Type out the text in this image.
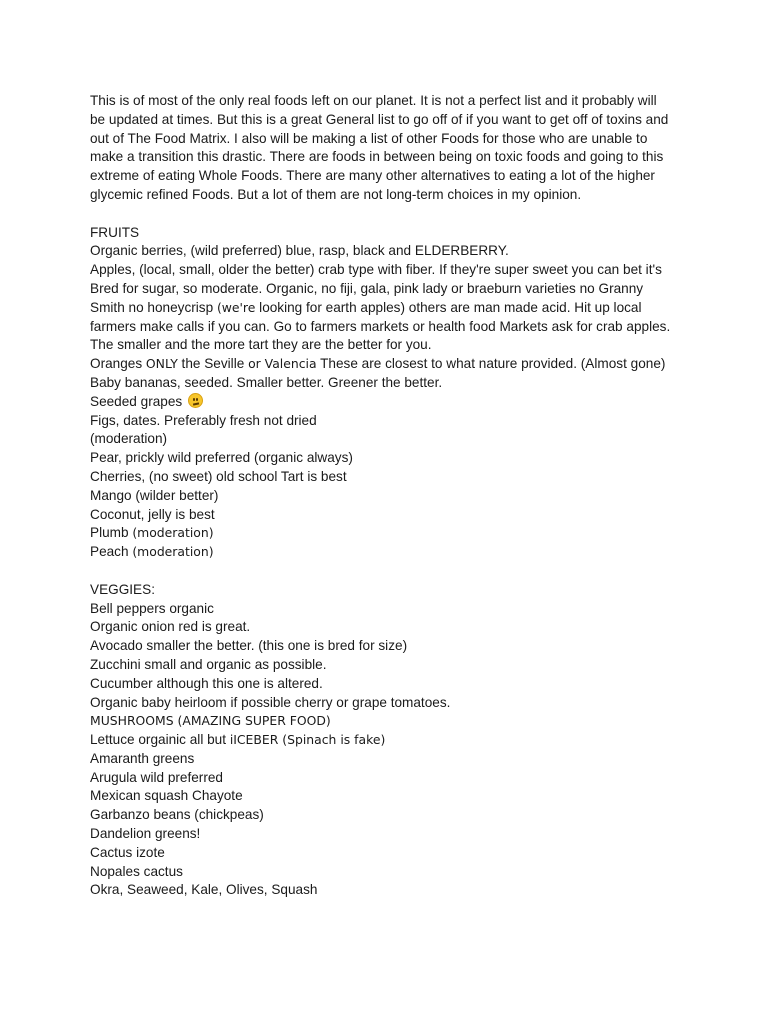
This is of most of the only real foods left on our planet. It is not a perfect list and it probably will
be updated at times. But this is a great General list to go off of if you want to get off of toxins and
out of The Food Matrix. I also will be making a list of other Foods for those who are unable to
make a transition this drastic. There are foods in between being on toxic foods and going to this
extreme of eating Whole Foods. There are many other alternatives to eating a lot of the higher
glycemic refined Foods. But a lot of them are not long-term choices in my opinion.

FRUITS
Organic berries, (wild preferred) blue, rasp, black and ELDERBERRY.
Apples, (local, small, older the better) crab type with fiber. If they're super sweet you can bet it's
Bred for sugar, so moderate. Organic, no fiji, gala, pink lady or braeburn varieties no Granny
Smith no honeycrisp (we're looking for earth apples) others are man made acid. Hit up local
farmers make calls if you can. Go to farmers markets or health food Markets ask for crab apples.
The smaller and the more tart they are the better for you.
Oranges ONLY the Seville or Valencia These are closest to what nature provided. (Almost gone)
Baby bananas, seeded. Smaller better. Greener the better.
Seeded grapes
Figs, dates. Preferably fresh not dried
(moderation)
Pear, prickly wild preferred (organic always)
Cherries, (no sweet) old school Tart is best
Mango (wilder better)
Coconut, jelly is best
Plumb (moderation)
Peach (moderation)
VEGGIES:
Bell peppers organic
Organic onion red is great.
Avocado smaller the better. (this one is bred for size)
Zucchini small and organic as possible.
Cucumber although this one is altered.
Organic baby heirloom if possible cherry or grape tomatoes.
MUSHROOMS (AMAZING SUPER FOOD)
Lettuce orgainic all but iICEBER (Spinach is fake)
Amaranth greens
Arugula wild preferred
Mexican squash Chayote
Garbanzo beans (chickpeas)
Dandelion greens!
Cactus izote
Nopales cactus
Okra, Seaweed, Kale, Olives, Squash
